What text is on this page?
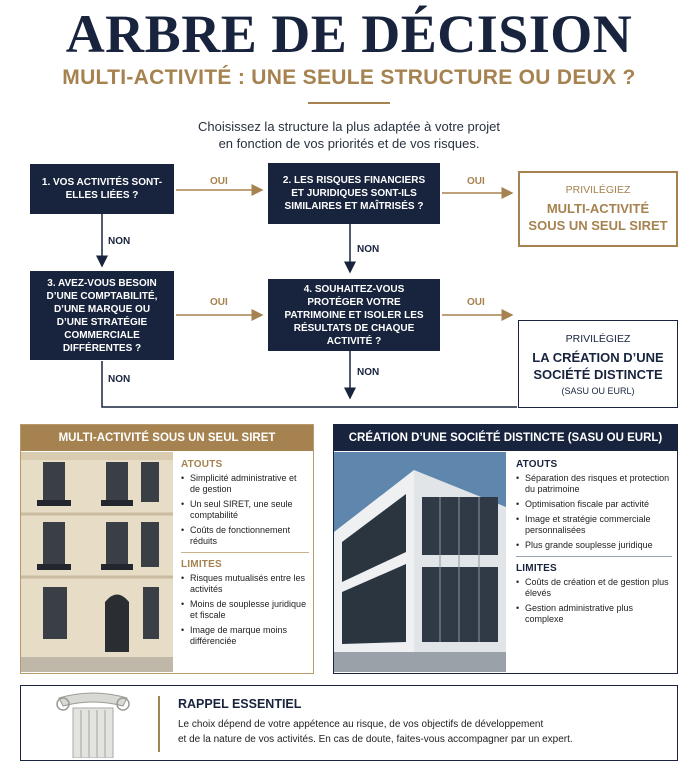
ARBRE DE DÉCISION
MULTI-ACTIVITÉ : UNE SEULE STRUCTURE OU DEUX ?
Choisissez la structure la plus adaptée à votre projet
en fonction de vos priorités et de vos risques.
1. VOS ACTIVITÉS SONT-ELLES LIÉES ?
2. LES RISQUES FINANCIERS ET JURIDIQUES SONT-ILS SIMILAIRES ET MAÎTRISÉS ?
3. AVEZ-VOUS BESOIN D’UNE COMPTABILITÉ, D’UNE MARQUE OU D’UNE STRATÉGIE COMMERCIALE DIFFÉRENTES ?
4. SOUHAITEZ-VOUS PROTÉGER VOTRE PATRIMOINE ET ISOLER LES RÉSULTATS DE CHAQUE ACTIVITÉ ?
OUI	OUI
NON
NON
OUI	OUI
NON
NON
PRIVILÉGIEZ
MULTI-ACTIVITÉ
SOUS UN SEUL SIRET
PRIVILÉGIEZ
LA CRÉATION D’UNE
SOCIÉTÉ DISTINCTE
(SASU OU EURL)
MULTI-ACTIVITÉ SOUS UN SEUL SIRET
ATOUTS
• Simplicité administrative et de gestion
• Un seul SIRET, une seule comptabilité
• Coûts de fonctionnement réduits
LIMITES
• Risques mutualisés entre les activités
• Moins de souplesse juridique et fiscale
• Image de marque moins différenciée
CRÉATION D’UNE SOCIÉTÉ DISTINCTE (SASU OU EURL)
ATOUTS
• Séparation des risques et protection du patrimoine
• Optimisation fiscale par activité
• Image et stratégie commerciale personnalisées
• Plus grande souplesse juridique
LIMITES
• Coûts de création et de gestion plus élevés
• Gestion administrative plus complexe
RAPPEL ESSENTIEL
Le choix dépend de votre appétence au risque, de vos objectifs de développement
et de la nature de vos activités. En cas de doute, faites-vous accompagner par un expert.
